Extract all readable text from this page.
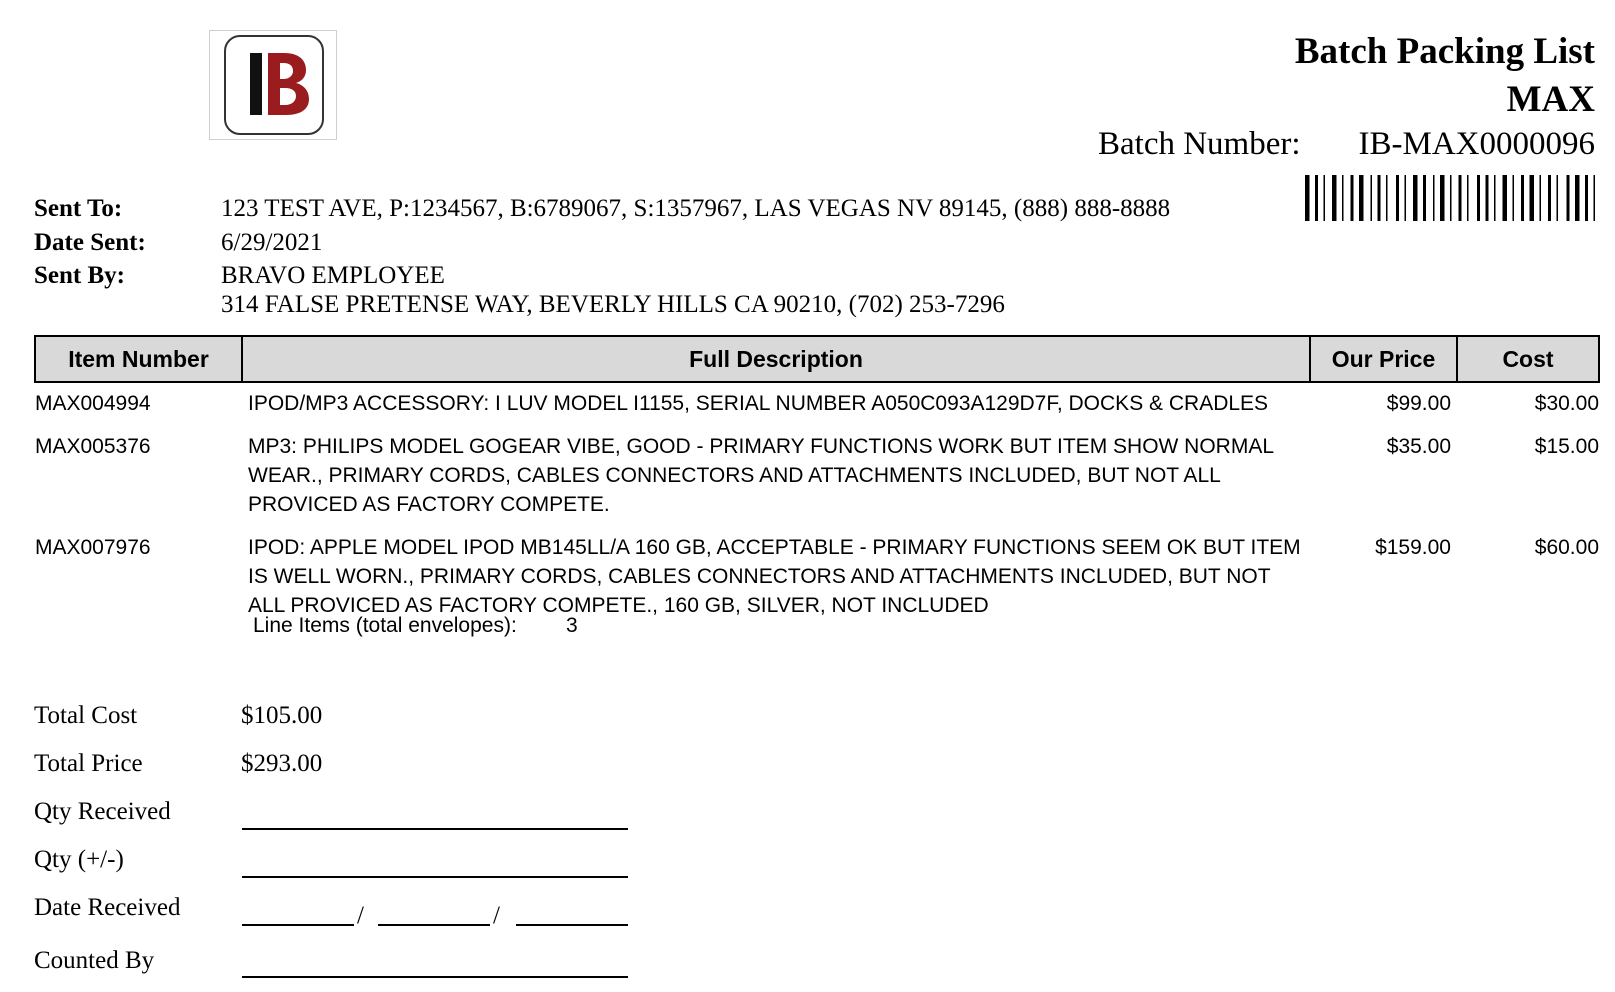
Batch Packing List
MAX
Batch Number: IB-MAX0000096
Sent To:	123 TEST AVE, P:1234567, B:6789067, S:1357967, LAS VEGAS NV 89145, (888) 888-8888
Date Sent:	6/29/2021
Sent By:	BRAVO EMPLOYEE
314 FALSE PRETENSE WAY, BEVERLY HILLS CA 90210, (702) 253-7296
Item Number	Full Description	Our Price	Cost
MAX004994	IPOD/MP3 ACCESSORY: I LUV MODEL I1155, SERIAL NUMBER A050C093A129D7F, DOCKS & CRADLES	$99.00	$30.00
MAX005376	MP3: PHILIPS MODEL GOGEAR VIBE, GOOD - PRIMARY FUNCTIONS WORK BUT ITEM SHOW NORMAL WEAR., PRIMARY CORDS, CABLES CONNECTORS AND ATTACHMENTS INCLUDED, BUT NOT ALL PROVICED AS FACTORY COMPETE.	$35.00	$15.00
MAX007976	IPOD: APPLE MODEL IPOD MB145LL/A 160 GB, ACCEPTABLE - PRIMARY FUNCTIONS SEEM OK BUT ITEM IS WELL WORN., PRIMARY CORDS, CABLES CONNECTORS AND ATTACHMENTS INCLUDED, BUT NOT ALL PROVICED AS FACTORY COMPETE., 160 GB, SILVER, NOT INCLUDED	$159.00	$60.00
Line Items (total envelopes): 3
Total Cost	$105.00
Total Price	$293.00
Qty Received
Qty (+/-)
Date Received	/	/
Counted By
